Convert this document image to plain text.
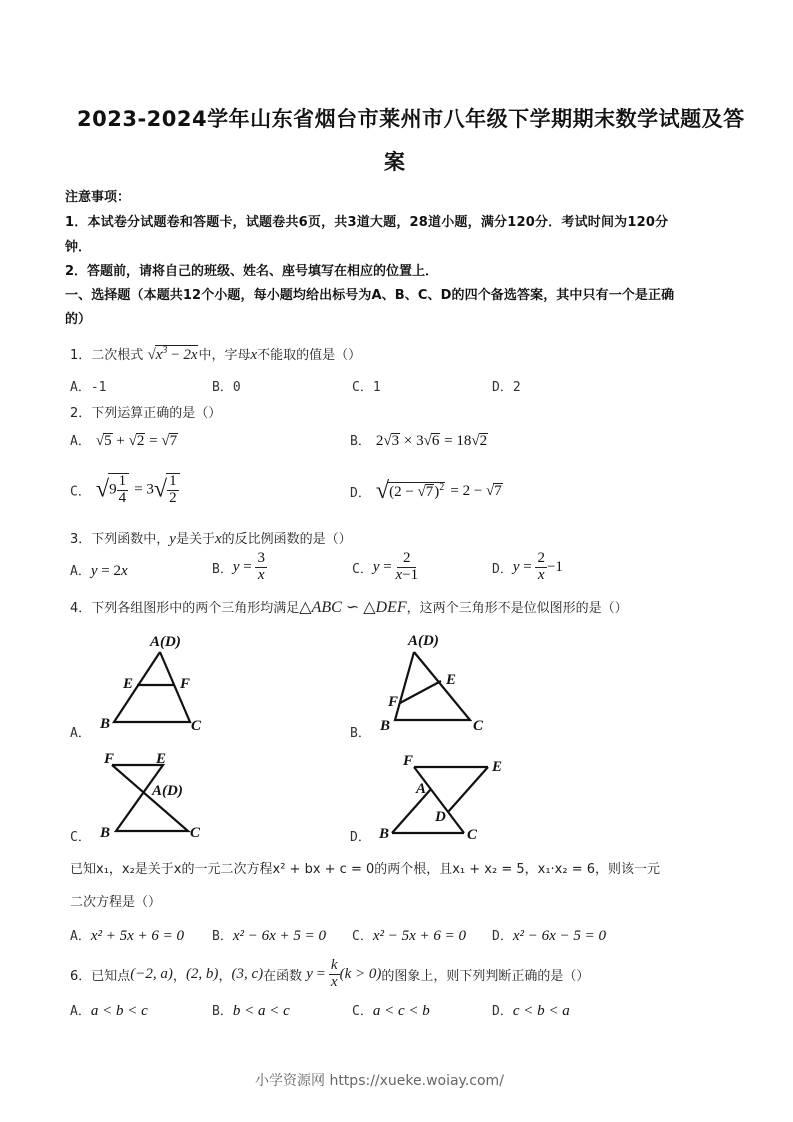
2023-2024学年山东省烟台市莱州市八年级下学期期末数学试题及答
案
注意事项：
1．本试卷分试题卷和答题卡，试题卷共6页，共3道大题，28道小题，满分120分．考试时间为120分
钟．
2．答题前，请将自己的班级、姓名、座号填写在相应的位置上．
一、选择题（本题共12个小题，每小题均给出标号为A、B、C、D的四个备选答案，其中只有一个是正确
的）
1．二次根式 $√x^3 - 2x$中，字母x不能取的值是（）
A．-1	B．0	C．1	D．2
2．下列运算正确的是（）
A． √5 + √2 = √7	B． 2√3 × 3√6 = 18√2
C． $√9 \frac{1}{4} = 3√ \frac{1}{2}$	D． $√(2 - √7)^2 = 2 - √7$
3．下列函数中，y是关于x的反比例函数的是（）
A．y = 2x	B．$y = \frac{3}{x}$	C．$y = \frac{2}{x-1}$	D．$y = \frac{2}{x} -1$
4．下列各组图形中的两个三角形均满足△ABC ∽ △DEF，这两个三角形不是位似图形的是（）
A．
A(D)
E	F
B	C	B．
A(D)
E
F
B	C
C．
F	E
A(D)
B	C	D．
F	E
A
D
B	C
已知x₁，x₂是关于x的一元二次方程x² + bx + c = 0的两个根，且x₁ + x₂ = 5，x₁·x₂ = 6，则该一元
二次方程是（）
A．x² + 5x + 6 = 0 B．x² − 6x + 5 = 0 C．x² − 5x + 6 = 0 D．x² − 6x − 5 = 0
6．已知点(−2, a)，(2, b)，(3, c)在函数 $y = \frac{k}{x} (k > 0)$的图象上，则下列判断正确的是（）
A．a < b < c	B．b < a < c	C．a < c < b	D．c < b < a
小学资源网 https://xueke.woiay.com/
